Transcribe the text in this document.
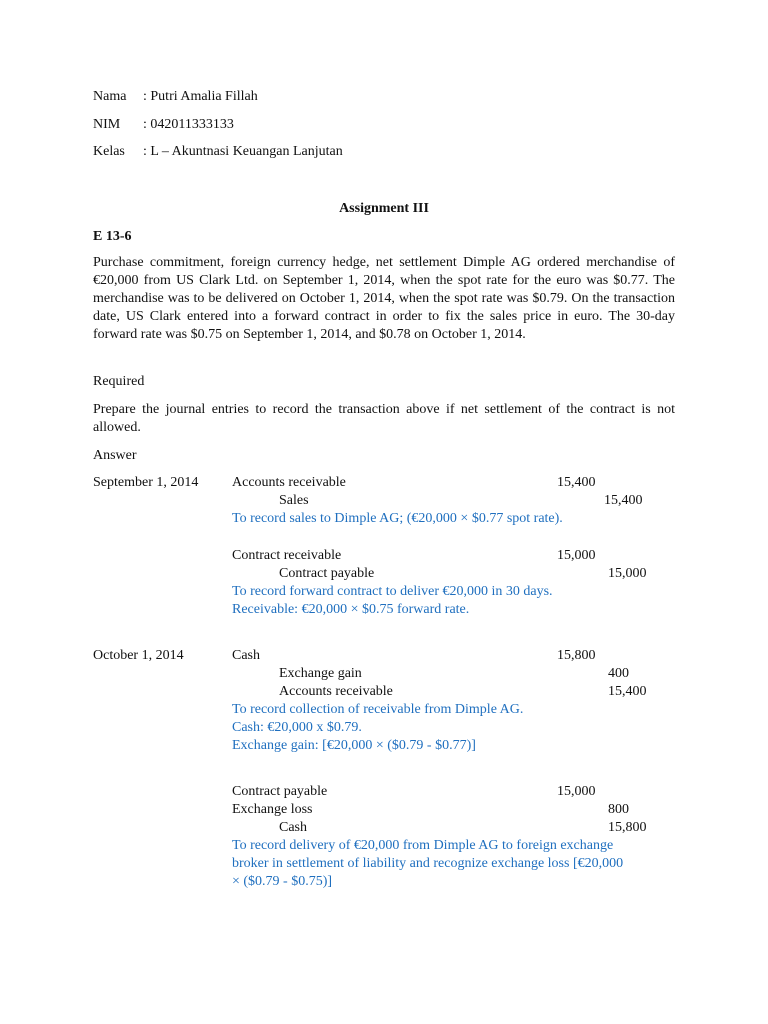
Nama : Putri Amalia Fillah
NIM : 042011333133
Kelas : L – Akuntnasi Keuangan Lanjutan
Assignment III
E 13-6
Purchase commitment, foreign currency hedge, net settlement Dimple AG ordered merchandise of €20,000 from US Clark Ltd. on September 1, 2014, when the spot rate for the euro was $0.77. The merchandise was to be delivered on October 1, 2014, when the spot rate was $0.79. On the transaction date, US Clark entered into a forward contract in order to fix the sales price in euro. The 30-day forward rate was $0.75 on September 1, 2014, and $0.78 on October 1, 2014.
Required
Prepare the journal entries to record the transaction above if net settlement of the contract is not allowed.
Answer
September 1, 2014 Accounts receivable	15,400
Sales	15,400
To record sales to Dimple AG; (€20,000 × $0.77 spot rate).
Contract receivable	15,000
Contract payable	15,000
To record forward contract to deliver €20,000 in 30 days.
Receivable: €20,000 × $0.75 forward rate.
October 1, 2014	Cash	15,800
Exchange gain	400
Accounts receivable	15,400
To record collection of receivable from Dimple AG.
Cash: €20,000 x $0.79.
Exchange gain: [€20,000 × ($0.79 - $0.77)]
Contract payable	15,000
Exchange loss	800
Cash	15,800
To record delivery of €20,000 from Dimple AG to foreign exchange
broker in settlement of liability and recognize exchange loss [€20,000
× ($0.79 - $0.75)]
